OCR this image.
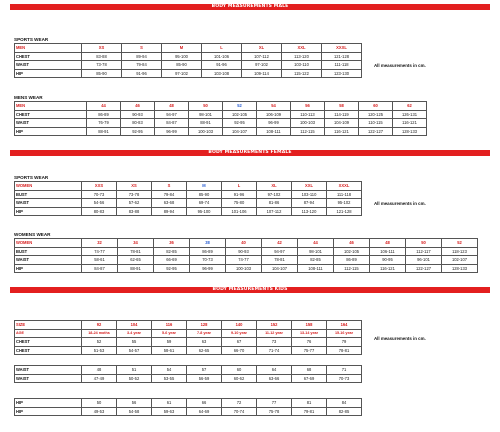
BODY MEASUREMENTS MALE
SPORTS WEAR
MEN	XS	S	M	L	XL	XXL	XXXL
CHEST	83-88	89-94	95-100	101-106	107-112	113-120	121-128
WAIST	73-78	79-84	85-90	91-96	97-102	103-110	111-118
HIP	85-90	91-96	97-102	103-108	109-114	115-122	123-130
All measurements in cm.
MENS WEAR
MEN	44	46	48	50	52	54	56	58	60	62
CHEST	86-89	90-93	94-97	98-101	102-105	106-109	110-113	114-119	120-125	126-131
WAIST	76-79	80-83	84-87	88-91	92-95	96-99	100-103	104-109	110-115	116-121
HIP	88-91	92-95	96-99	100-103	104-107	108-111	112-115	116-121	122-127	128-133
BODY MEASUREMENTS FEMALE
SPORTS WEAR
WOMEN	XXS	XS	S	M	L	XL	XXL	XXXL
BUST	70-73	73-78	79-84	85-90	91-96	97-102	103-110	111-118
WAIST	54-56	57-62	63-68	69-74	75-80	81-86	87-94	95-102
HIP	80-83	83-88	89-94	95-100	101-106	107-112	113-120	121-128
All measurements in cm.
WOMENS WEAR
WOMEN	32	34	36	38	40	42	44	46	48	50	52
BUST	74-77	78-81	82-85	86-89	90-93	94-97	98-101	102-105	106-111	112-117	118-123
WAIST	58-61	62-65	66-69	70-73	74-77	78-81	82-85	86-89	90-95	96-101	102-107
HIP	84-87	88-91	92-95	96-99	100-103	104-107	108-111	112-115	116-121	122-127	128-133
BODY MEASUREMENTS KIDS
SIZE	92	104	116	128	140	152	158	164
AGE	18-24 moths	3-4 year	5-6 year	7-8 year	9-10 year	11-12 year	13-14 year	15-16 year
CHEST	52	55	59	63	67	73	76	79
CHEST	51-53	54-57	58-61	62-65	66-70	71-74	75-77	78-81
All measurements in cm.
WAIST	48	51	54	57	60	64	68	71
WAIST	47-49	50-52	53-55	56-59	60-62	63-66	67-69	70-73
HIP	50	56	61	66	72	77	81	84
HIP	49-53	54-58	59-63	64-69	70-74	75-78	79-81	82-85
